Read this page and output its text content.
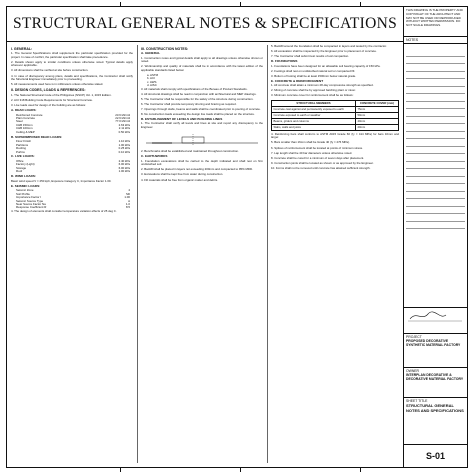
STRUCTURAL GENERAL NOTES & SPECIFICATIONS
I. GENERAL:
1. The General Specifications shall supplement the particular specification provided for the project. In case of conflict, the particular specification shall take precedence.
2. Details shown apply to similar conditions unless otherwise noted. Typical details apply wherever applicable.
3. All dimensions shall be verified at site before construction.
4. In case of discrepancy among plans, details and specifications, the Contractor shall notify the Structural Engineer immediately prior to proceeding.
5. All measurements used here is in millimeters unless otherwise stated.
II. DESIGN CODES, LOADS & REFERENCES:
1. The National Structural Code of the Philippines (NSCP) Vol. 1, 2015 Edition.
2. ACI 318 Building Code Requirements for Structural Concrete.
3. Live loads used for design of the building are as follows:
A. DEAD LOADS:
Reinforced Concrete	23.6 kN/m3
Plain Concrete	22.6 kN/m3
Steel	77.0 kN/m3
CHB 150mm	2.63 kPa
CHB 100mm	2.11 kPa
Ceiling & MEP	0.50 kPa
B. SUPERIMPOSED DEAD LOADS:
Floor Finish	1.10 kPa
Partitions	1.00 kPa
Roofing	0.25 kPa
Purlins	0.10 kPa
C. LIVE LOADS:
Office	2.40 kPa
Factory (Light)	6.00 kPa
Storage	6.00 kPa
Roof	1.00 kPa
D. WIND LOADS:
Basic wind speed V = 250 kph, Exposure Category C, Importance Factor 1.00.
E. SEISMIC LOADS:
Seismic Zone	4
Soil Profile	SD
Importance Factor I	1.00
Seismic Source Type	A
Near Source Factor Na	1.0
Response Coefficient R	8.5
4. The design of elements shall consider temperature variation effects of 25 deg C.
III. CONSTRUCTION NOTES:
A. GENERAL
1. Construction notes and typical details shall apply to all drawings unless otherwise shown or noted.
2. Workmanship and quality of materials shall be in accordance with the latest edition of the applicable standards listed below:
a. ASTM
b. ACI
c. AWS
d. AISC
3. All materials shall comply with specifications of the Bureau of Product Standards.
4. All structural drawings shall be read in conjunction with architectural and MEP drawings.
5. The Contractor shall be responsible for the safety of the structure during construction.
6. The Contractor shall provide temporary shoring and bracing as required.
7. Openings through slabs, beams and walls shall be coordinated prior to pouring of concrete.
8. No construction loads exceeding the design live loads shall be placed on the structure.
B. ESTABLISHMENT OF LEVELS AND BUILDING LINES
1. The Contractor shall verify all levels and lines at site and report any discrepancy to the Engineer.
2. Benchmarks shall be established and maintained throughout construction.
C. EARTHWORKS
1. Foundation excavations shall be carried to the depth indicated and shall rest on firm undisturbed soil.
2. Backfill shall be placed in layers not exceeding 200mm and compacted to 95% MDD.
3. Excavations shall be kept free from water during construction.
4. Fill materials shall be free from organic matter and debris.
5. Backfill around the foundation shall be compacted in layers and tested by the contractor.
6. All excavation shall be inspected by the Engineer prior to placement of concrete.
7. The Contractor shall submit test results of soil compaction.
D. FOUNDATIONS
1. Foundations have been designed for an allowable soil bearing capacity of 150 kPa.
2. Footings shall rest on undisturbed natural soil or compacted fill.
3. Bottom of footing shall be at least 1500mm below natural grade.
E. CONCRETE & REINFORCEMENT
1. All concrete shall attain a minimum 28-day compressive strength as specified.
2. Mixing of concrete shall be by approved batching plant or mixer.
3. Minimum concrete cover for reinforcement shall be as follows:
STRUCTURAL MEMBERS	CONCRETE COVER (mm)
Concrete cast against and permanently exposed to earth	75mm
Concrete exposed to earth or weather	50mm
Beams, girders and columns	40mm
Slabs, walls and joists	20mm
4. Reinforcing bars shall conform to ASTM A615 Grade 60 (fy = 414 MPa) for bars 16mm and larger.
5. Bars smaller than 16mm shall be Grade 40 (fy = 276 MPa).
6. Splices of reinforcement shall be located at points of minimum stress.
7. Lap length shall be 40 bar diameters unless otherwise noted.
8. Concrete shall be cured for a minimum of seven days after placement.
9. Construction joints shall be located as shown or as approved by the Engineer.
10. Forms shall not be removed until concrete has attained sufficient strength.
THIS DRAWING IS THE PROPERTY AND COPYRIGHT OF THE ARCHITECT AND MAY NOT BE USED OR REPRODUCED WITHOUT WRITTEN PERMISSION. DO NOT SCALE DRAWINGS.
NOTES
PROJECT
PROPOSED DECORATIVE SYNTHETIC MATERIAL FACTORY
OWNER
INTERPLAN DECORATIVE & DECORATIVE MATERIAL FACTORY
SHEET TITLE
STRUCTURAL GENERAL NOTES AND SPECIFICATIONS
S-01
